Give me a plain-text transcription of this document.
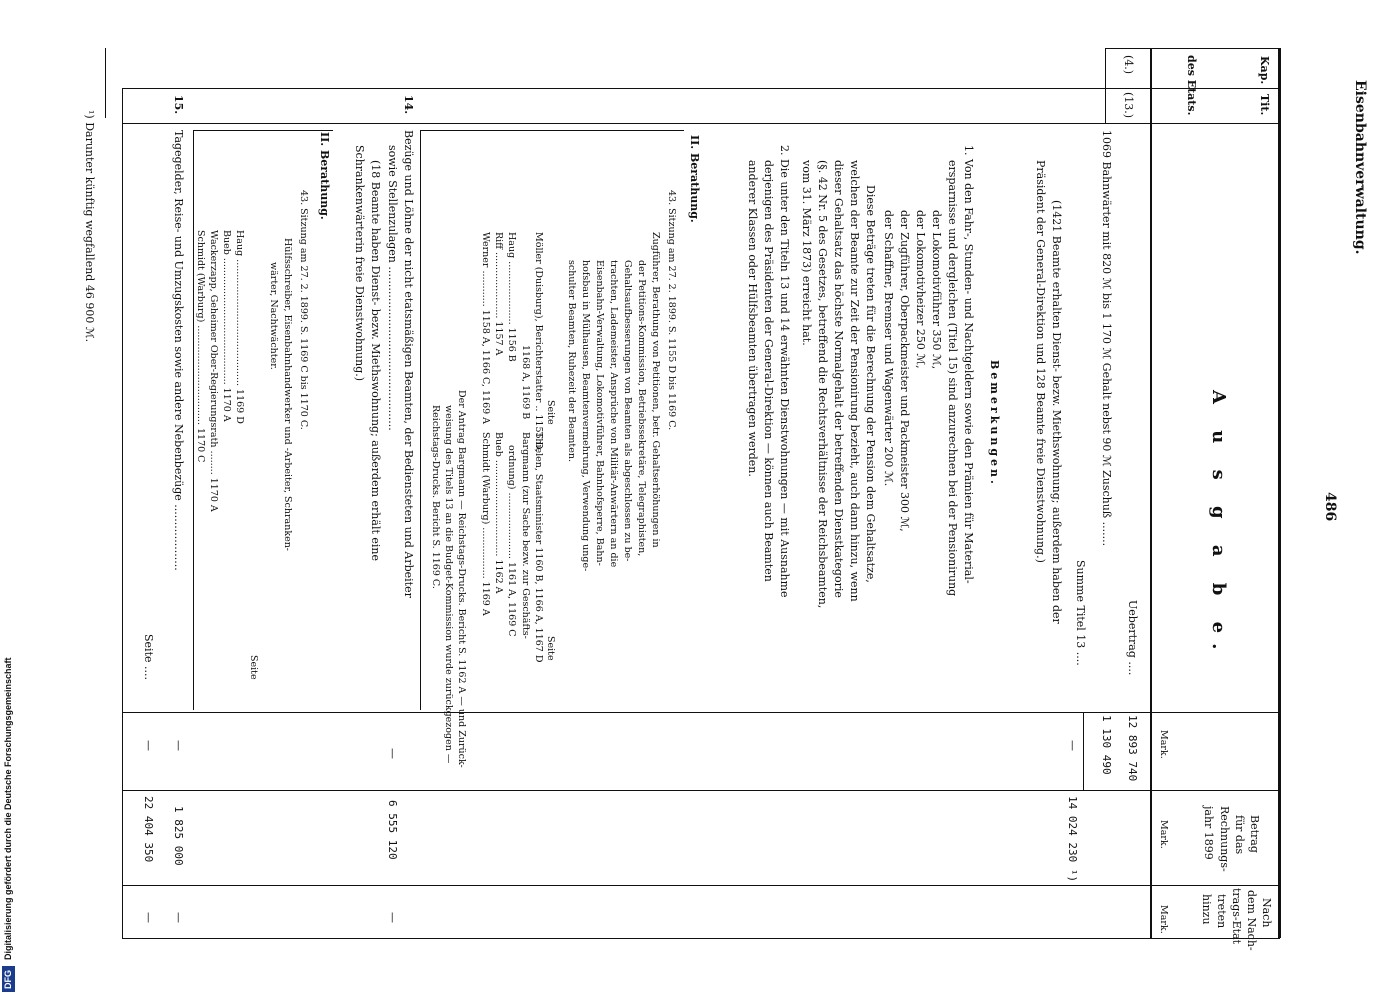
Eisenbahnverwaltung.
486
A u s g a b e.
Kap.
Tit.
des Etats.
Betrag
für das
Rechnungs-
jahr 1899
Nach
dem Nach-
trags-Etat
treten
hinzu
Mark.
Mark.
Mark.
(4.)
(13.)
Uebertrag ....
12 893 740
1069 Bahnwärter mit 820 ℳ bis 1 170 ℳ Gehalt nebst 90 ℳ Zuschuß .......
1 130 490
Summe Titel 13 ....
—
14 024 230 ¹)
(1421 Beamte erhalten Dienst- bezw. Miethswohnung; außerdem haben der
Präsident der General-Direktion und 128 Beamte freie Dienstwohnung.)
Bemerkungen.
1. Von den Fahr-, Stunden- und Nachtgeldern sowie den Prämien für Material-
ersparnisse und dergleichen (Titel 15) sind anzurechnen bei der Pensionirung
der Lokomotivführer 350 ℳ,
der Lokomotivheizer 250 ℳ,
der Zugführer, Oberpackmeister und Packmeister 300 ℳ,
der Schaffner, Bremser und Wagenwärter 200 ℳ.
Diese Beträge treten für die Berechnung der Pension dem Gehaltsatze,
welchen der Beamte zur Zeit der Pensionirung bezieht, auch dann hinzu, wenn
dieser Gehaltsatz das höchste Normalgehalt der betreffenden Dienstkategorie
(§. 42 Nr. 5 des Gesetzes, betreffend die Rechtsverhältnisse der Reichsbeamten,
vom 31. März 1873) erreicht hat.
2. Die unter den Titeln 13 und 14 erwähnten Dienstwohnungen — mit Ausnahme
derjenigen des Präsidenten der General-Direktion — können auch Beamten
anderer Klassen oder Hülfsbeamten übertragen werden.
II. Berathung.
43. Sitzung am 27. 2. 1899. S. 1155 D bis 1169 C.
Zugführer, Berathung von Petitionen, betr. Gehaltserhöhungen in
der Petitions-Kommission, Betriebssekretäre, Telegraphisten,
Gehaltsaufbesserungen von Beamten als abgeschlossen zu be-
trachten, Lademeister, Ansprüche von Militär-Anwärtern an die
Eisenbahn-Verwaltung, Lokomotivführer, Bahnhofsperre, Bahn-
hofsbau in Mülhausen, Beamtenvermehrung, Verwendung unge-
schulter Beamten, Ruhezeit der Beamten.
Seite
Möller (Duisburg), Berichterstatter .. 1155 D,
1168 A, 1169 B
Haug ..................... 1156 B
Riff ...................... 1157 A
Werner ............ 1158 A, 1166 C, 1169 A
Seite
Thielen, Staatsminister 1160 B, 1166 A, 1167 D
Bargmann (zur Sache bezw. zur Geschäfts-
ordnung) ...................... 1161 A, 1169 C
Bueb ................................ 1162 A
Schmidt (Warburg) ................. 1169 A
Der Antrag Bargmann — Reichstags-Drucks. Bericht S. 1162 A — und Zurück-
weisung des Titels 13 an die Budget-Kommission wurde zurückgezogen —
Reichstags-Drucks. Bericht S. 1169 C.
14.
Bezüge und Löhne der nicht etatsmäßigen Beamten, der Bediensteten und Arbeiter
sowie Stellenzulagen ...............................................
(18 Beamte haben Dienst- bezw. Miethswohnung; außerdem erhält eine
Schrankenwärterin freie Dienstwohnung.)
—
6 555 120
—
II. Berathung.
43. Sitzung am 27. 2. 1899. S. 1169 C bis 1170 C.
Hülfsschreiber, Eisenbahnhandwerker und -Arbeiter, Schranken-
wärter, Nachtwächter.
Seite
Haug .......................................... 1169 D
Bueb .......................................... 1170 A
Wackerzapp, Geheimer Ober-Regierungsrath ........ 1170 A
Schmidt (Warburg) ................................. 1170 C
15.
Tagegelder, Reise- und Umzugskosten sowie andere Nebenbezüge ...................
—
1 825 000
—
Seite ....
—
22 404 350
—
¹) Darunter künftig wegfallend 46 900 ℳ.
Digitalisierung gefördert durch die Deutsche Forschungsgemeinschaft
DFG
